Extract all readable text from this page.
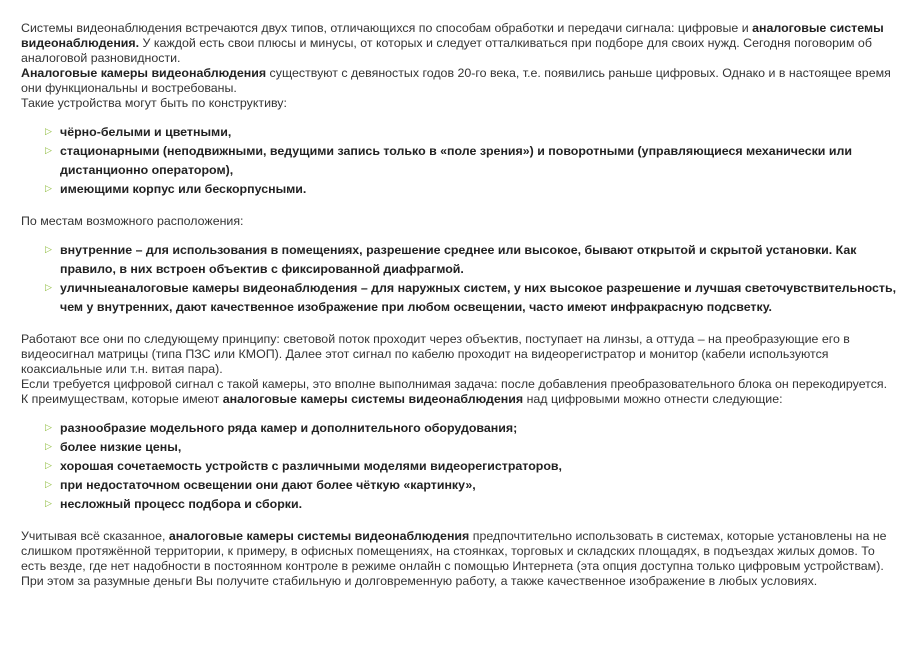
Системы видеонаблюдения встречаются двух типов, отличающихся по способам обработки и передачи сигнала: цифровые и аналоговые системы видеонаблюдения. У каждой есть свои плюсы и минусы, от которых и следует отталкиваться при подборе для своих нужд. Сегодня поговорим об аналоговой разновидности.

Аналоговые камеры видеонаблюдения существуют с девяностых годов 20-го века, т.е. появились раньше цифровых. Однако и в настоящее время они функциональны и востребованы.

Такие устройства могут быть по конструктиву:

▷ чёрно-белыми и цветными,
▷ стационарными (неподвижными, ведущими запись только в «поле зрения») и поворотными (управляющиеся механически или дистанционно оператором),
▷ имеющими корпус или бескорпусными.

По местам возможного расположения:

▷ внутренние – для использования в помещениях, разрешение среднее или высокое, бывают открытой и скрытой установки. Как правило, в них встроен объектив с фиксированной диафрагмой.
▷ уличныеаналоговые камеры видеонаблюдения – для наружных систем, у них высокое разрешение и лучшая светочувствительность, чем у внутренних, дают качественное изображение при любом освещении, часто имеют инфракрасную подсветку.

Работают все они по следующему принципу: световой поток проходит через объектив, поступает на линзы, а оттуда – на преобразующие его в видеосигнал матрицы (типа ПЗС или КМОП). Далее этот сигнал по кабелю проходит на видеорегистратор и монитор (кабели используются коаксиальные или т.н. витая пара).

Если требуется цифровой сигнал с такой камеры, это вполне выполнимая задача: после добавления преобразовательного блока он перекодируется.

К преимуществам, которые имеют аналоговые камеры системы видеонаблюдения над цифровыми можно отнести следующие:

▷ разнообразие модельного ряда камер и дополнительного оборудования;
▷ более низкие цены,
▷ хорошая сочетаемость устройств с различными моделями видеорегистраторов,
▷ при недостаточном освещении они дают более чёткую «картинку»,
▷ несложный процесс подбора и сборки.

Учитывая всё сказанное, аналоговые камеры системы видеонаблюдения предпочтительно использовать в системах, которые установлены на не слишком протяжённой территории, к примеру, в офисных помещениях, на стоянках, торговых и складских площадях, в подъездах жилых домов. То есть везде, где нет надобности в постоянном контроле в режиме онлайн с помощью Интернета (эта опция доступна только цифровым устройствам). При этом за разумные деньги Вы получите стабильную и долговременную работу, а также качественное изображение в любых условиях.
